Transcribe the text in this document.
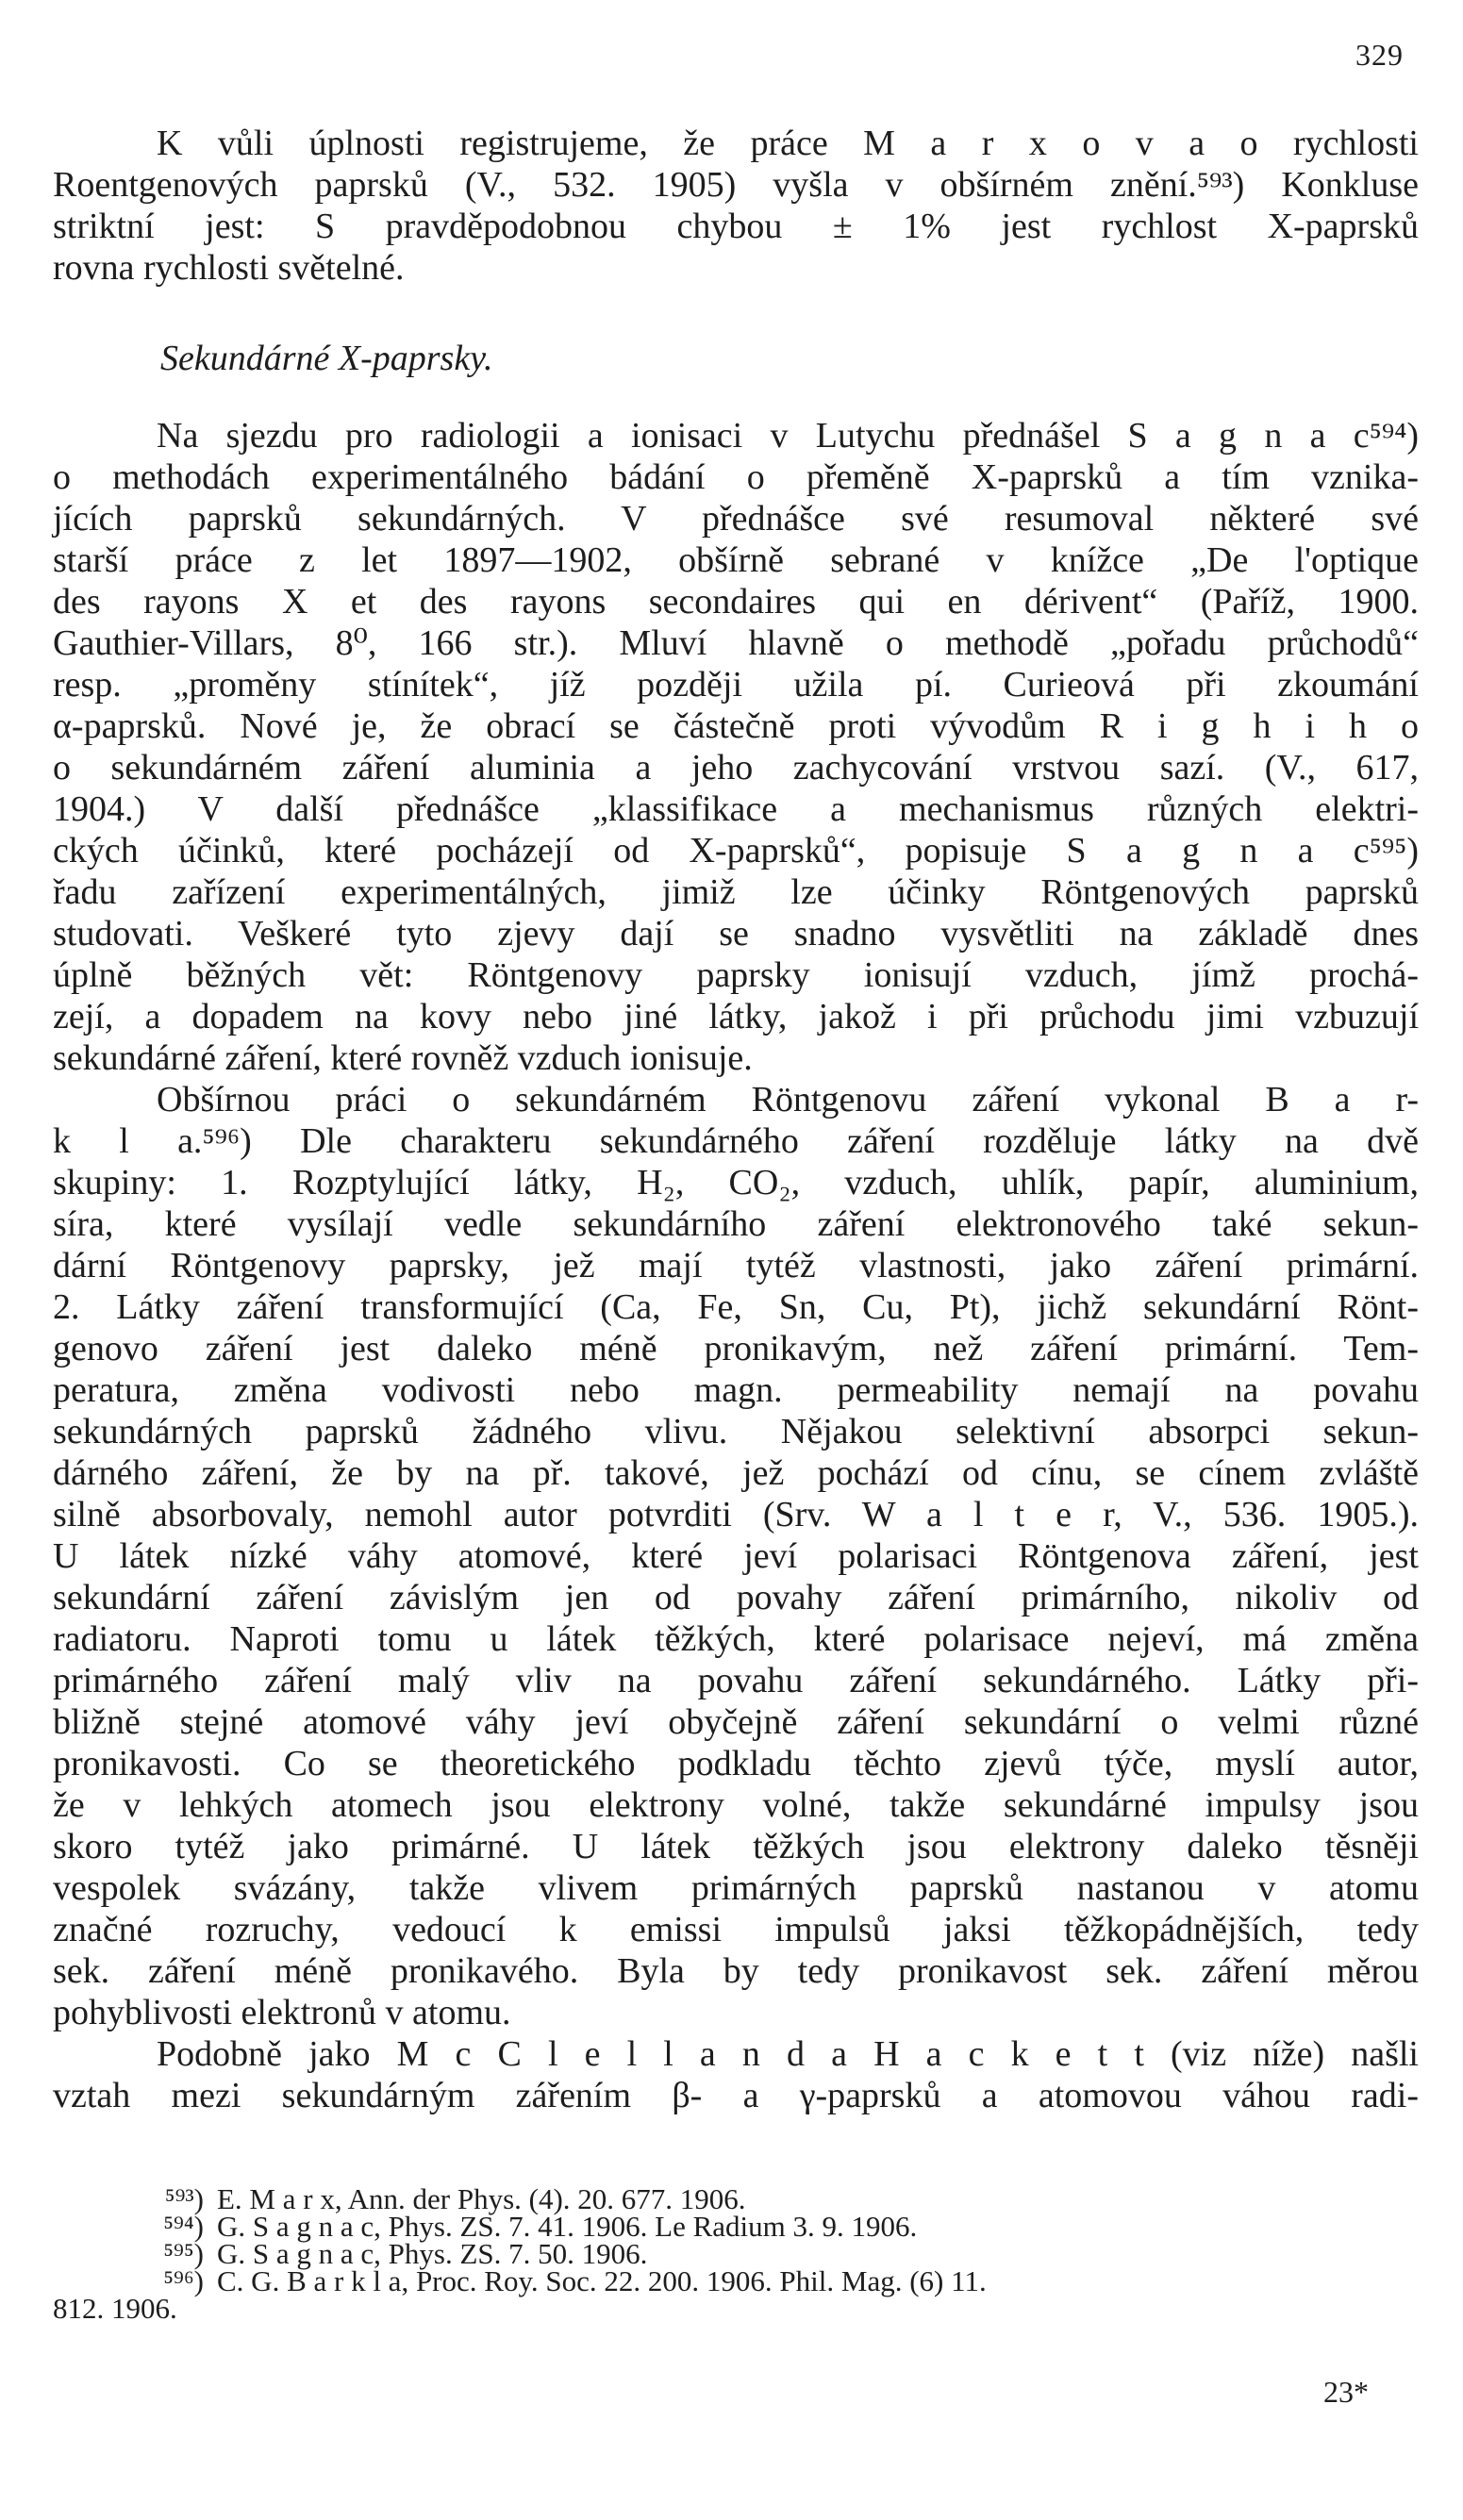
329
K vůli úplnosti registrujeme, že práce M a r x o v a o rychlosti
Roentgenových paprsků (V., 532. 1905) vyšla v obšírném znění.⁵⁹³) Konkluse
striktní jest: S pravděpodobnou chybou ± 1% jest rychlost X-paprsků
rovna rychlosti světelné.
Sekundárné X-paprsky.
Na sjezdu pro radiologii a ionisaci v Lutychu přednášel S a g n a c⁵⁹⁴)
o methodách experimentálného bádání o přeměně X-paprsků a tím vznika-
jících paprsků sekundárných. V přednášce své resumoval některé své
starší práce z let 1897—1902, obšírně sebrané v knížce „De l'optique
des rayons X et des rayons secondaires qui en dérivent“ (Paříž, 1900.
Gauthier-Villars, 8⁰, 166 str.). Mluví hlavně o methodě „pořadu průchodů“
resp. „proměny stínítek“, jíž později užila pí. Curieová při zkoumání
α-paprsků. Nové je, že obrací se částečně proti vývodům R i g h i h o
o sekundárném záření aluminia a jeho zachycování vrstvou sazí. (V., 617,
1904.) V další přednášce „klassifikace a mechanismus různých elektri-
ckých účinků, které pocházejí od X-paprsků“, popisuje S a g n a c⁵⁹⁵)
řadu zařízení experimentálných, jimiž lze účinky Röntgenových paprsků
studovati. Veškeré tyto zjevy dají se snadno vysvětliti na základě dnes
úplně běžných vět: Röntgenovy paprsky ionisují vzduch, jímž prochá-
zejí, a dopadem na kovy nebo jiné látky, jakož i při průchodu jimi vzbuzují
sekundárné záření, které rovněž vzduch ionisuje.
Obšírnou práci o sekundárném Röntgenovu záření vykonal B a r-
k l a.⁵⁹⁶) Dle charakteru sekundárného záření rozděluje látky na dvě
skupiny: 1. Rozptylující látky, H₂, CO₂, vzduch, uhlík, papír, aluminium,
síra, které vysílají vedle sekundárního záření elektronového také sekun-
dární Röntgenovy paprsky, jež mají tytéž vlastnosti, jako záření primární.
2. Látky záření transformující (Ca, Fe, Sn, Cu, Pt), jichž sekundární Rönt-
genovo záření jest daleko méně pronikavým, než záření primární. Tem-
peratura, změna vodivosti nebo magn. permeability nemají na povahu
sekundárných paprsků žádného vlivu. Nějakou selektivní absorpci sekun-
dárného záření, že by na př. takové, jež pochází od cínu, se cínem zvláště
silně absorbovaly, nemohl autor potvrditi (Srv. W a l t e r, V., 536. 1905.).
U látek nízké váhy atomové, které jeví polarisaci Röntgenova záření, jest
sekundární záření závislým jen od povahy záření primárního, nikoliv od
radiatoru. Naproti tomu u látek těžkých, které polarisace nejeví, má změna
primárného záření malý vliv na povahu záření sekundárného. Látky při-
bližně stejné atomové váhy jeví obyčejně záření sekundární o velmi různé
pronikavosti. Co se theoretického podkladu těchto zjevů týče, myslí autor,
že v lehkých atomech jsou elektrony volné, takže sekundárné impulsy jsou
skoro tytéž jako primárné. U látek těžkých jsou elektrony daleko těsněji
vespolek svázány, takže vlivem primárných paprsků nastanou v atomu
značné rozruchy, vedoucí k emissi impulsů jaksi těžkopádnějších, tedy
sek. záření méně pronikavého. Byla by tedy pronikavost sek. záření měrou
pohyblivosti elektronů v atomu.
Podobně jako M c C l e l l a n d a H a c k e t t (viz níže) našli
vztah mezi sekundárným zářením β- a γ-paprsků a atomovou váhou radi-
⁵⁹³) E. M a r x, Ann. der Phys. (4). 20. 677. 1906.
⁵⁹⁴) G. S a g n a c, Phys. ZS. 7. 41. 1906. Le Radium 3. 9. 1906.
⁵⁹⁵) G. S a g n a c, Phys. ZS. 7. 50. 1906.
⁵⁹⁶) C. G. B a r k l a, Proc. Roy. Soc. 22. 200. 1906. Phil. Mag. (6) 11.
812. 1906.
23*
